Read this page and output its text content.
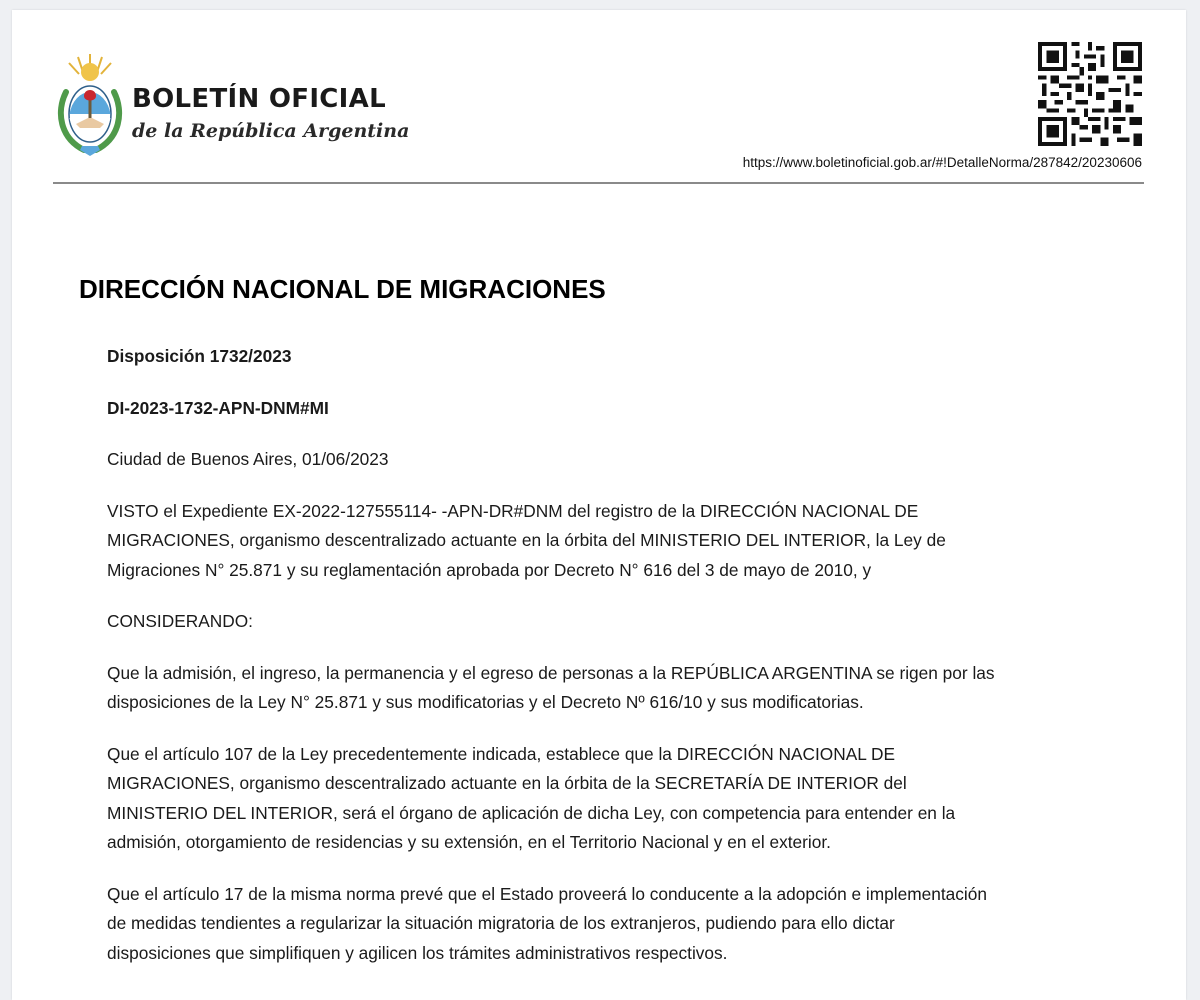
BOLETÍN OFICIAL
de la República Argentina
https://www.boletinoficial.gob.ar/#!DetalleNorma/287842/20230606
DIRECCIÓN NACIONAL DE MIGRACIONES

Disposición 1732/2023

DI-2023-1732-APN-DNM#MI

Ciudad de Buenos Aires, 01/06/2023

VISTO el Expediente EX-2022-127555114- -APN-DR#DNM del registro de la DIRECCIÓN NACIONAL DE

MIGRACIONES, organismo descentralizado actuante en la órbita del MINISTERIO DEL INTERIOR, la Ley de

Migraciones N° 25.871 y su reglamentación aprobada por Decreto N° 616 del 3 de mayo de 2010, y

CONSIDERANDO:

Que la admisión, el ingreso, la permanencia y el egreso de personas a la REPÚBLICA ARGENTINA se rigen por las

disposiciones de la Ley N° 25.871 y sus modificatorias y el Decreto Nº 616/10 y sus modificatorias.

Que el artículo 107 de la Ley precedentemente indicada, establece que la DIRECCIÓN NACIONAL DE

MIGRACIONES, organismo descentralizado actuante en la órbita de la SECRETARÍA DE INTERIOR del

MINISTERIO DEL INTERIOR, será el órgano de aplicación de dicha Ley, con competencia para entender en la

admisión, otorgamiento de residencias y su extensión, en el Territorio Nacional y en el exterior.

Que el artículo 17 de la misma norma prevé que el Estado proveerá lo conducente a la adopción e implementación

de medidas tendientes a regularizar la situación migratoria de los extranjeros, pudiendo para ello dictar

disposiciones que simplifiquen y agilicen los trámites administrativos respectivos.
